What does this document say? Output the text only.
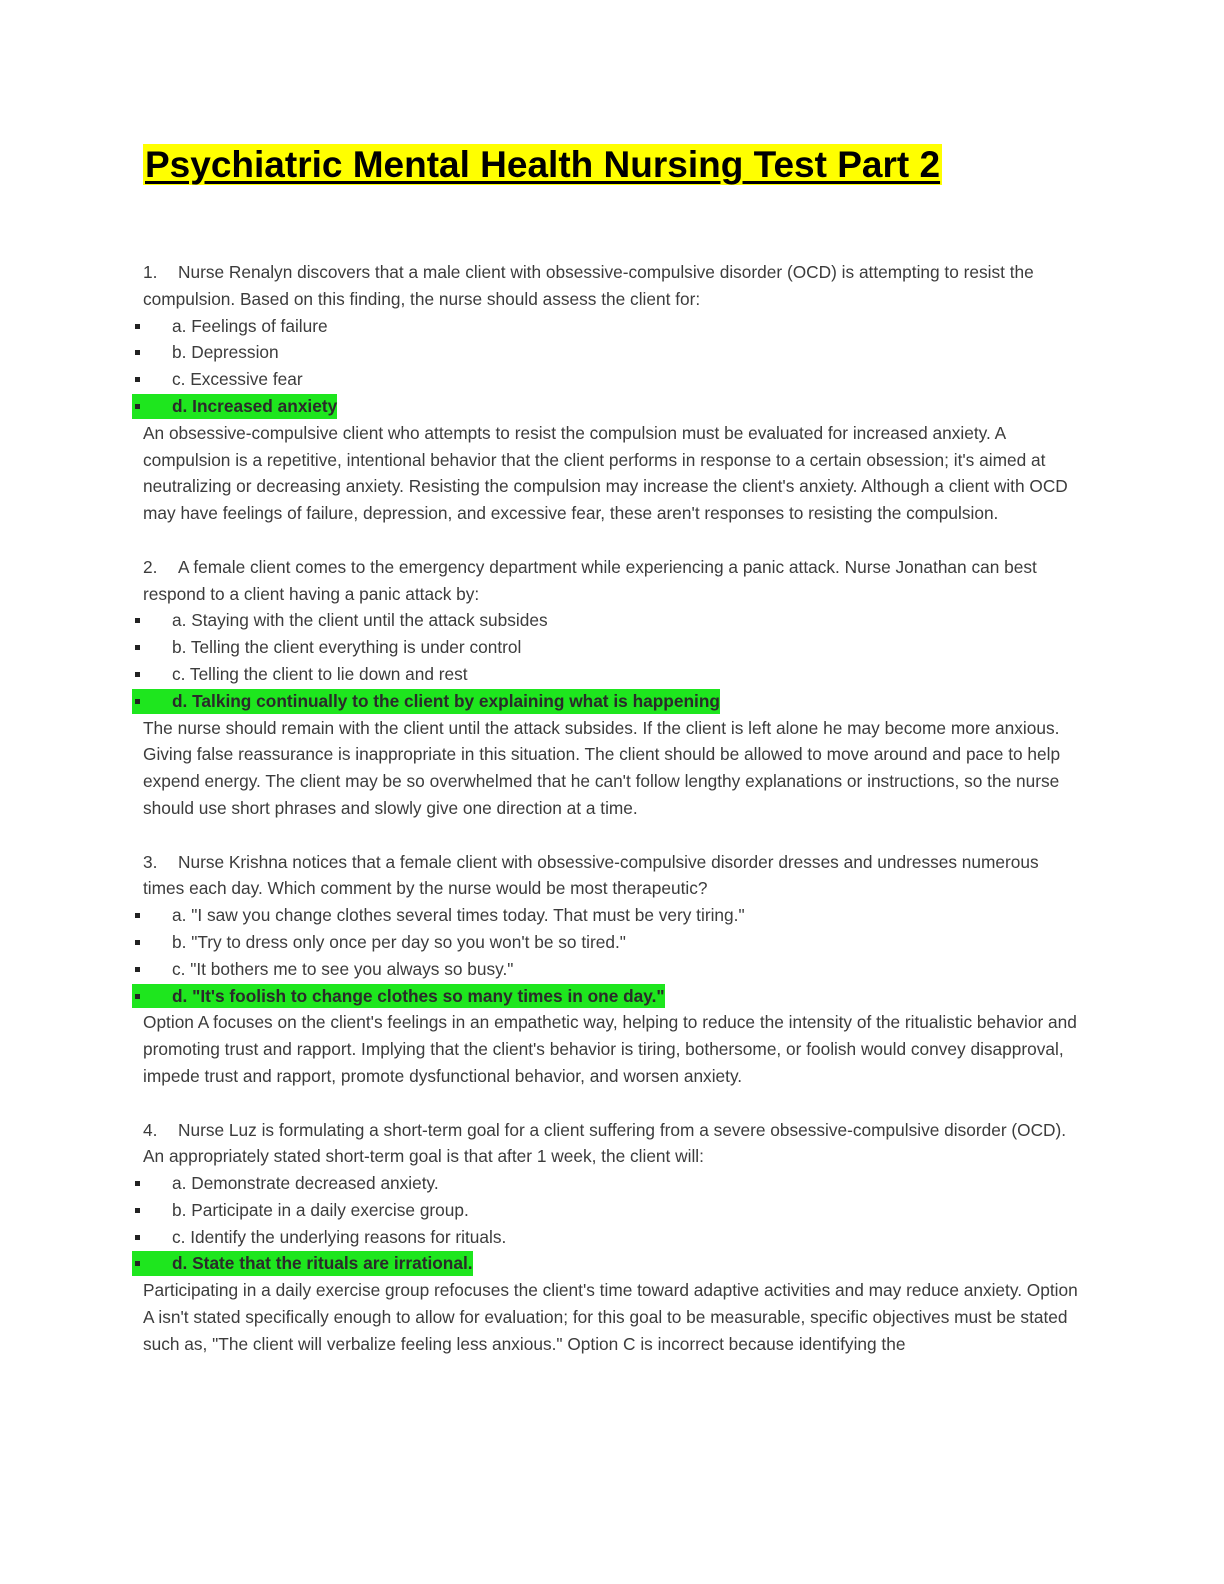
Psychiatric Mental Health Nursing Test Part 2

1. Nurse Renalyn discovers that a male client with obsessive-compulsive disorder (OCD) is attempting to resist the compulsion. Based on this finding, the nurse should assess the client for:

a. Feelings of failure
b. Depression
c. Excessive fear
d. Increased anxiety

An obsessive-compulsive client who attempts to resist the compulsion must be evaluated for increased anxiety. A compulsion is a repetitive, intentional behavior that the client performs in response to a certain obsession; it's aimed at neutralizing or decreasing anxiety. Resisting the compulsion may increase the client's anxiety. Although a client with OCD may have feelings of failure, depression, and excessive fear, these aren't responses to resisting the compulsion.

2. A female client comes to the emergency department while experiencing a panic attack. Nurse Jonathan can best respond to a client having a panic attack by:

a. Staying with the client until the attack subsides
b. Telling the client everything is under control
c. Telling the client to lie down and rest
d. Talking continually to the client by explaining what is happening

The nurse should remain with the client until the attack subsides. If the client is left alone he may become more anxious. Giving false reassurance is inappropriate in this situation. The client should be allowed to move around and pace to help expend energy. The client may be so overwhelmed that he can't follow lengthy explanations or instructions, so the nurse should use short phrases and slowly give one direction at a time.

3. Nurse Krishna notices that a female client with obsessive-compulsive disorder dresses and undresses numerous times each day. Which comment by the nurse would be most therapeutic?

a. "I saw you change clothes several times today. That must be very tiring."
b. "Try to dress only once per day so you won't be so tired."
c. "It bothers me to see you always so busy."
d. "It's foolish to change clothes so many times in one day."

Option A focuses on the client's feelings in an empathetic way, helping to reduce the intensity of the ritualistic behavior and promoting trust and rapport. Implying that the client's behavior is tiring, bothersome, or foolish would convey disapproval, impede trust and rapport, promote dysfunctional behavior, and worsen anxiety.

4. Nurse Luz is formulating a short-term goal for a client suffering from a severe obsessive-compulsive disorder (OCD). An appropriately stated short-term goal is that after 1 week, the client will:

a. Demonstrate decreased anxiety.
b. Participate in a daily exercise group.
c. Identify the underlying reasons for rituals.
d. State that the rituals are irrational.

Participating in a daily exercise group refocuses the client's time toward adaptive activities and may reduce anxiety. Option A isn't stated specifically enough to allow for evaluation; for this goal to be measurable, specific objectives must be stated such as, "The client will verbalize feeling less anxious." Option C is incorrect because identifying the
